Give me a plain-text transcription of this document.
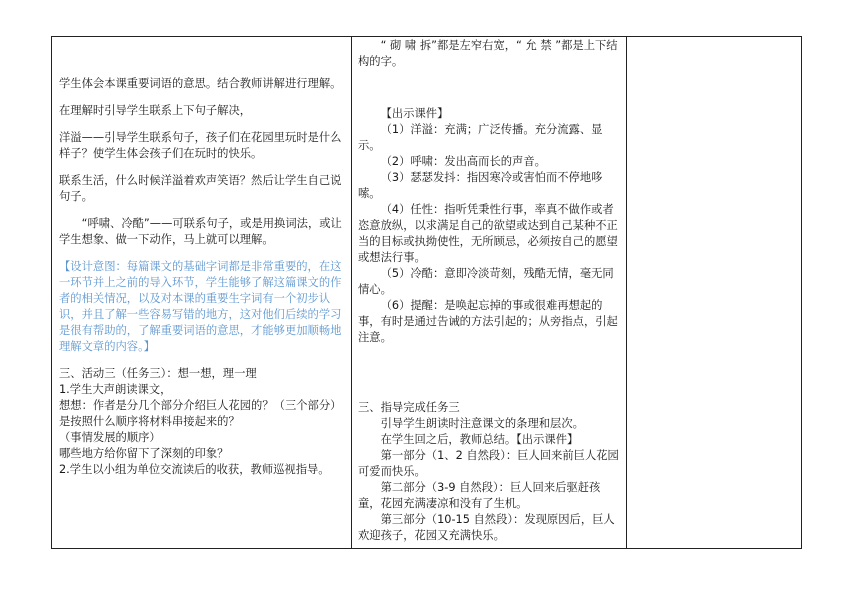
学生体会本课重要词语的意思。结合教师讲解进行理解。

在理解时引导学生联系上下句子解决，

洋溢——引导学生联系句子，孩子们在花园里玩时是什么样子？使学生体会孩子们在玩时的快乐。

联系生活，什么时候洋溢着欢声笑语？然后让学生自己说句子。

“呼啸、冷酷”——可联系句子，或是用换词法，或让学生想象、做一下动作，马上就可以理解。

【设计意图：每篇课文的基础字词都是非常重要的，在这一环节并上之前的导入环节，学生能够了解这篇课文的作者的相关情况，以及对本课的重要生字词有一个初步认识，并且了解一些容易写错的地方，这对他们后续的学习是很有帮助的，了解重要词语的意思，才能够更加顺畅地理解文章的内容。】

三、活动三（任务三）：想一想，理一理

1.学生大声朗读课文，

想想：作者是分几个部分介绍巨人花园的？（三个部分）

是按照什么顺序将材料串接起来的？

（事情发展的顺序）

哪些地方给你留下了深刻的印象？

2.学生以小组为单位交流读后的收获，教师巡视指导。

“ 砌 啸 拆”都是左窄右宽，“ 允 禁 ”都是上下结构的字。

【出示课件】

（1）洋溢：充满；广泛传播。充分流露、显示。

（2）呼啸：发出高而长的声音。

（3）瑟瑟发抖：指因寒冷或害怕而不停地哆嗦。

（4）任性：指听凭秉性行事，率真不做作或者恣意放纵，以求满足自己的欲望或达到自己某种不正当的目标或执拗使性，无所顾忌，必须按自己的愿望或想法行事。

（5）冷酷：意即冷淡苛刻，残酷无情，毫无同情心。

（6）提醒：是唤起忘掉的事或很难再想起的事，有时是通过告诫的方法引起的；从旁指点，引起注意。

三、指导完成任务三

引导学生朗读时注意课文的条理和层次。

在学生回之后，教师总结。【出示课件】

第一部分（1、2 自然段）：巨人回来前巨人花园可爱而快乐。

第二部分（3-9 自然段）：巨人回来后驱赶孩童，花园充满凄凉和没有了生机。

第三部分（10-15 自然段）：发现原因后，巨人欢迎孩子，花园又充满快乐。
